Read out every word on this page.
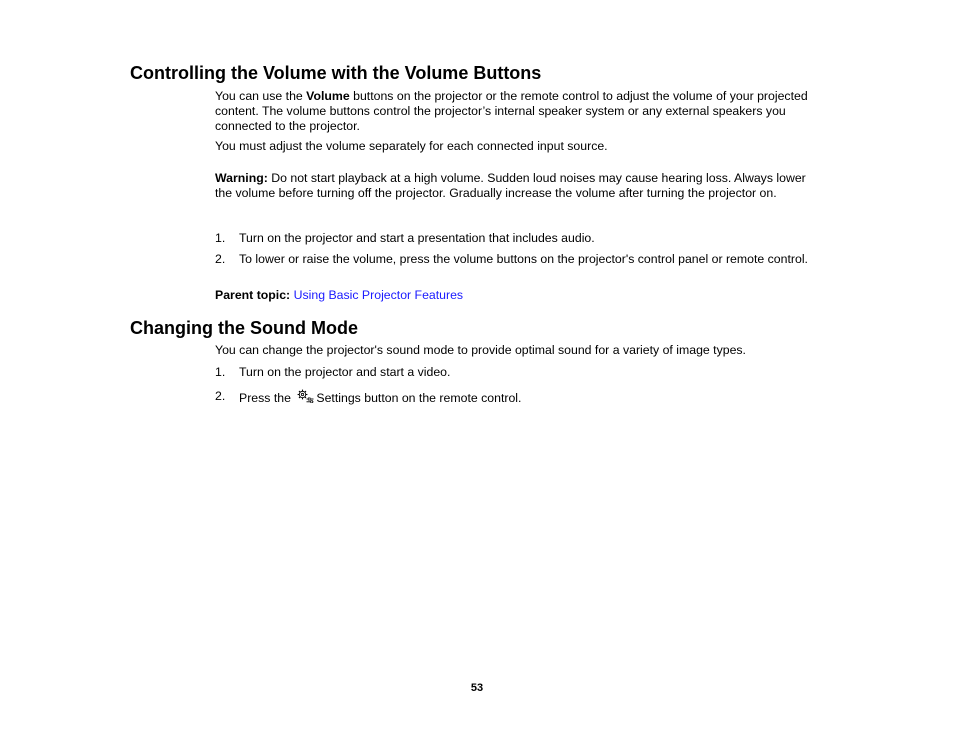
Controlling the Volume with the Volume Buttons

You can use the Volume buttons on the projector or the remote control to adjust the volume of your projected content. The volume buttons control the projector’s internal speaker system or any external speakers you connected to the projector.

You must adjust the volume separately for each connected input source.

Warning: Do not start playback at a high volume. Sudden loud noises may cause hearing loss. Always lower the volume before turning off the projector. Gradually increase the volume after turning the projector on.

1. Turn on the projector and start a presentation that includes audio.
2. To lower or raise the volume, press the volume buttons on the projector's control panel or remote control.

Parent topic: Using Basic Projector Features

Changing the Sound Mode

You can change the projector's sound mode to provide optimal sound for a variety of image types.

1. Turn on the projector and start a video.
2. Press the Settings button on the remote control.
53
